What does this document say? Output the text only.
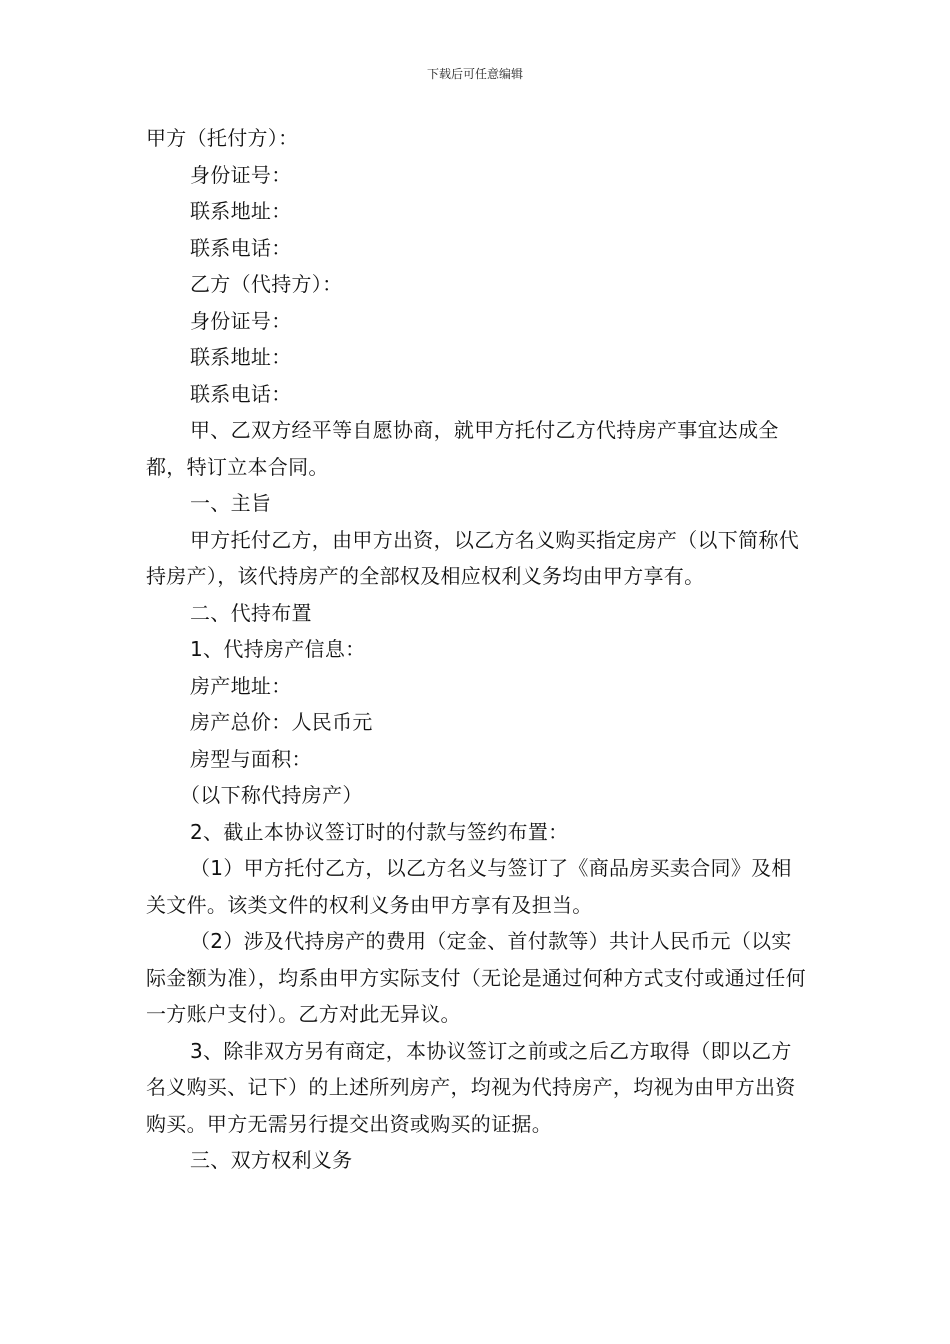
下载后可任意编辑

甲方（托付方）：

身份证号：

联系地址：

联系电话：

乙方（代持方）：

身份证号：

联系地址：

联系电话：

甲、乙双方经平等自愿协商，就甲方托付乙方代持房产事宜达成全都，特订立本合同。

一、主旨

甲方托付乙方，由甲方出资，以乙方名义购买指定房产（以下简称代持房产），该代持房产的全部权及相应权利义务均由甲方享有。

二、代持布置

1、代持房产信息：

房产地址：

房产总价：人民币元

房型与面积：

（以下称代持房产）

2、截止本协议签订时的付款与签约布置：

（1）甲方托付乙方，以乙方名义与签订了《商品房买卖合同》及相关文件。该类文件的权利义务由甲方享有及担当。

（2）涉及代持房产的费用（定金、首付款等）共计人民币元（以实际金额为准），均系由甲方实际支付（无论是通过何种方式支付或通过任何一方账户支付）。乙方对此无异议。

3、除非双方另有商定，本协议签订之前或之后乙方取得（即以乙方名义购买、记下）的上述所列房产，均视为代持房产，均视为由甲方出资购买。甲方无需另行提交出资或购买的证据。

三、双方权利义务
